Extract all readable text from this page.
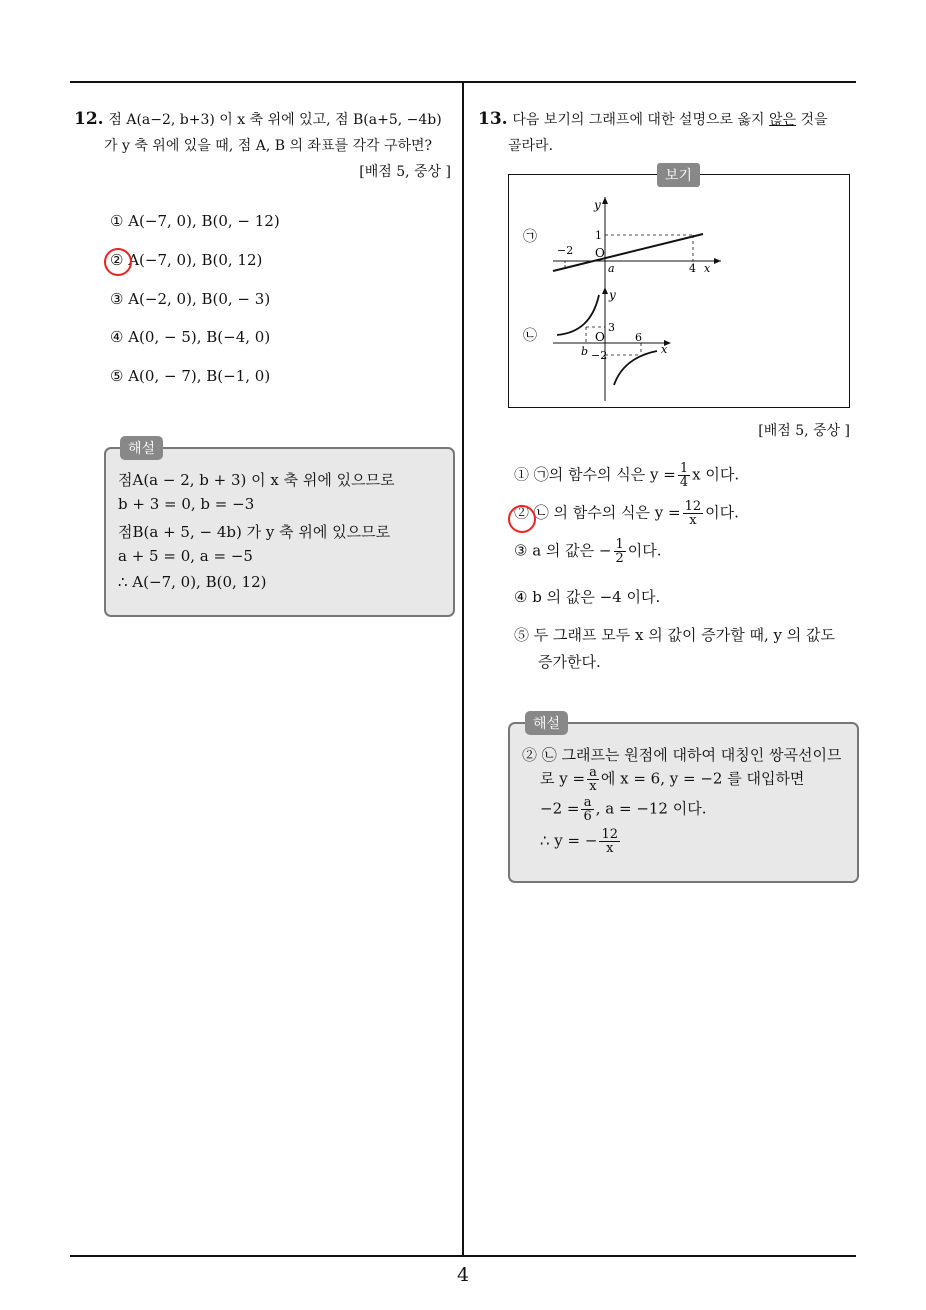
12. 점 A(a−2, b+3) 이 x 축 위에 있고, 점 B(a+5, −4b)
가 y 축 위에 있을 때, 점 A, B 의 좌표를 각각 구하면?
[배점 5, 중상 ]
① A(−7, 0), B(0, − 12)
② A(−7, 0), B(0, 12)
③ A(−2, 0), B(0, − 3)
④ A(0, − 5), B(−4, 0)
⑤ A(0, − 7), B(−1, 0)
점A(a − 2, b + 3) 이 x 축 위에 있으므로
b + 3 = 0, b = −3
점B(a + 5, − 4b) 가 y 축 위에 있으므로
a + 5 = 0, a = −5
∴ A(−7, 0), B(0, 12)
해설
13. 다음 보기의 그래프에 대한 설명으로 옳지 않은 것을
골라라.
㉠
y
x
O
−2
1
a	4
㉡
y
x
O
3
6
b −2
보기
[배점 5, 중상 ]
① ㉠의 함수의 식은 $y = \frac{1}{4}$ x 이다.
② ㉡ 의 함수의 식은 $y = \frac{12}{x}$ 이다.
③ a 의 값은 − $\frac{1}{2}$ 이다.
④ b 의 값은 −4 이다.
⑤ 두 그래프 모두 x 의 값이 증가할 때, y 의 값도
증가한다.
② ㉡ 그래프는 원점에 대하여 대칭인 쌍곡선이므
로 $y = \frac{a}{x}$ 에 x = 6, y = −2 를 대입하면
$-2 = \frac{a}{6}$ , a = −12 이다.
∴ y = − $\frac{12}{x}$
해설
4
